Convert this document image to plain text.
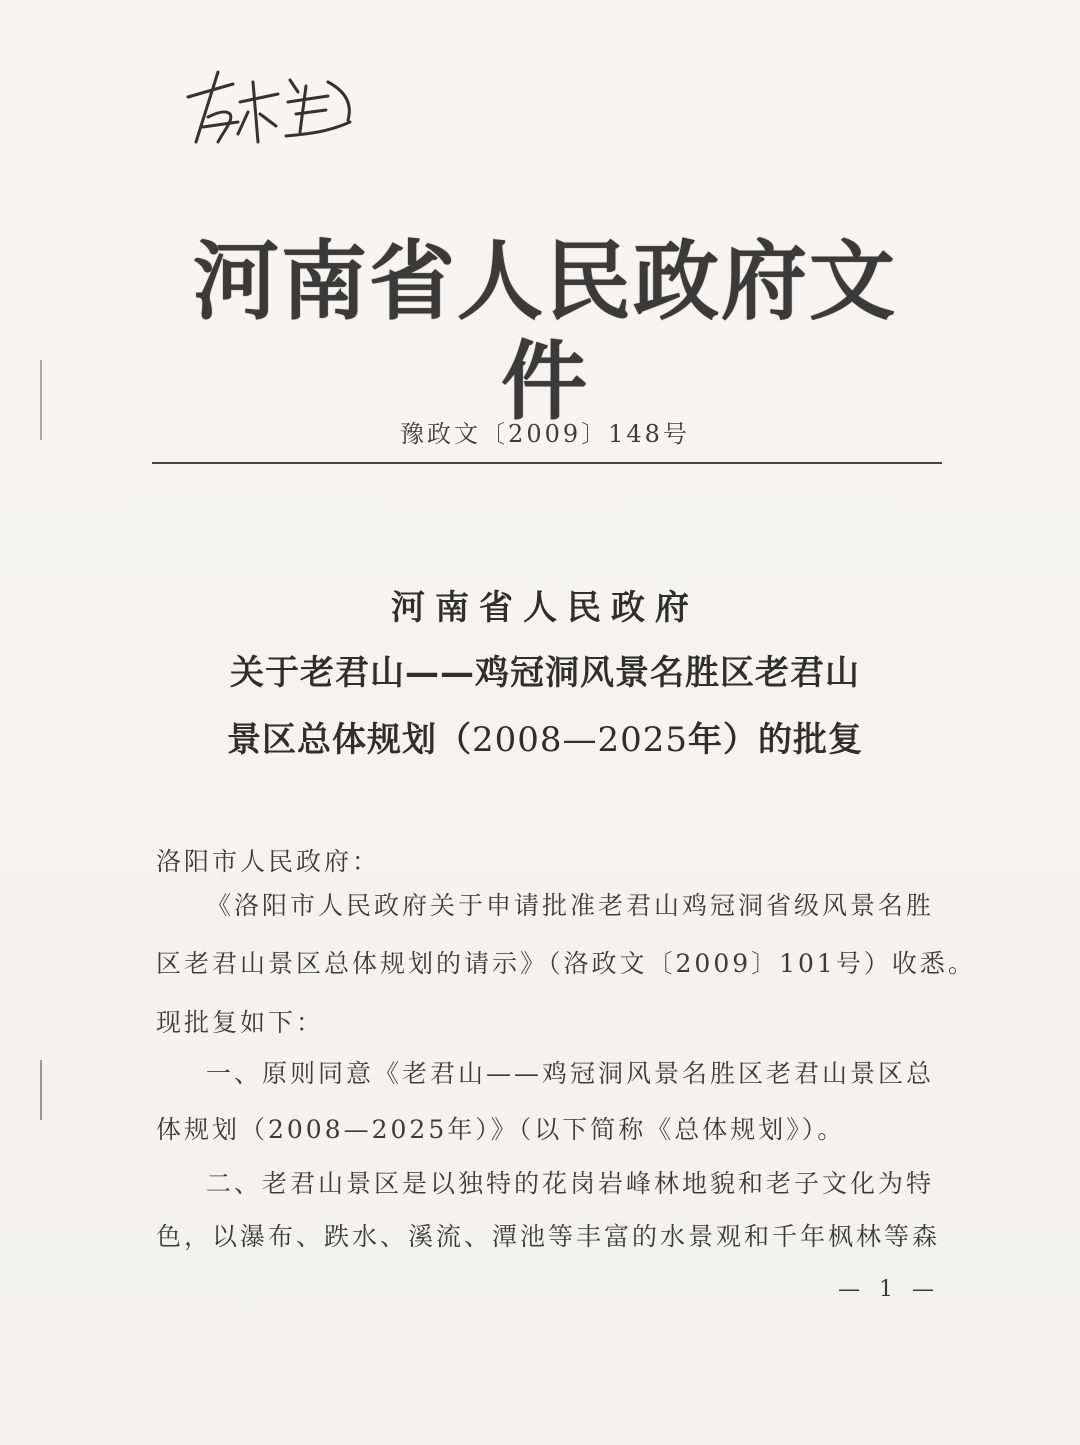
河南省人民政府文件
豫政文〔2009〕148号
河南省人民政府
关于老君山——鸡冠洞风景名胜区老君山
景区总体规划（2008—2025年）的批复
洛阳市人民政府：
《洛阳市人民政府关于申请批准老君山鸡冠洞省级风景名胜
区老君山景区总体规划的请示》（洛政文〔2009〕101号）收悉。
现批复如下：
一、原则同意《老君山——鸡冠洞风景名胜区老君山景区总
体规划（2008—2025年）》（以下简称《总体规划》）。
二、老君山景区是以独特的花岗岩峰林地貌和老子文化为特
色，以瀑布、跌水、溪流、潭池等丰富的水景观和千年枫林等森
— 1 —
